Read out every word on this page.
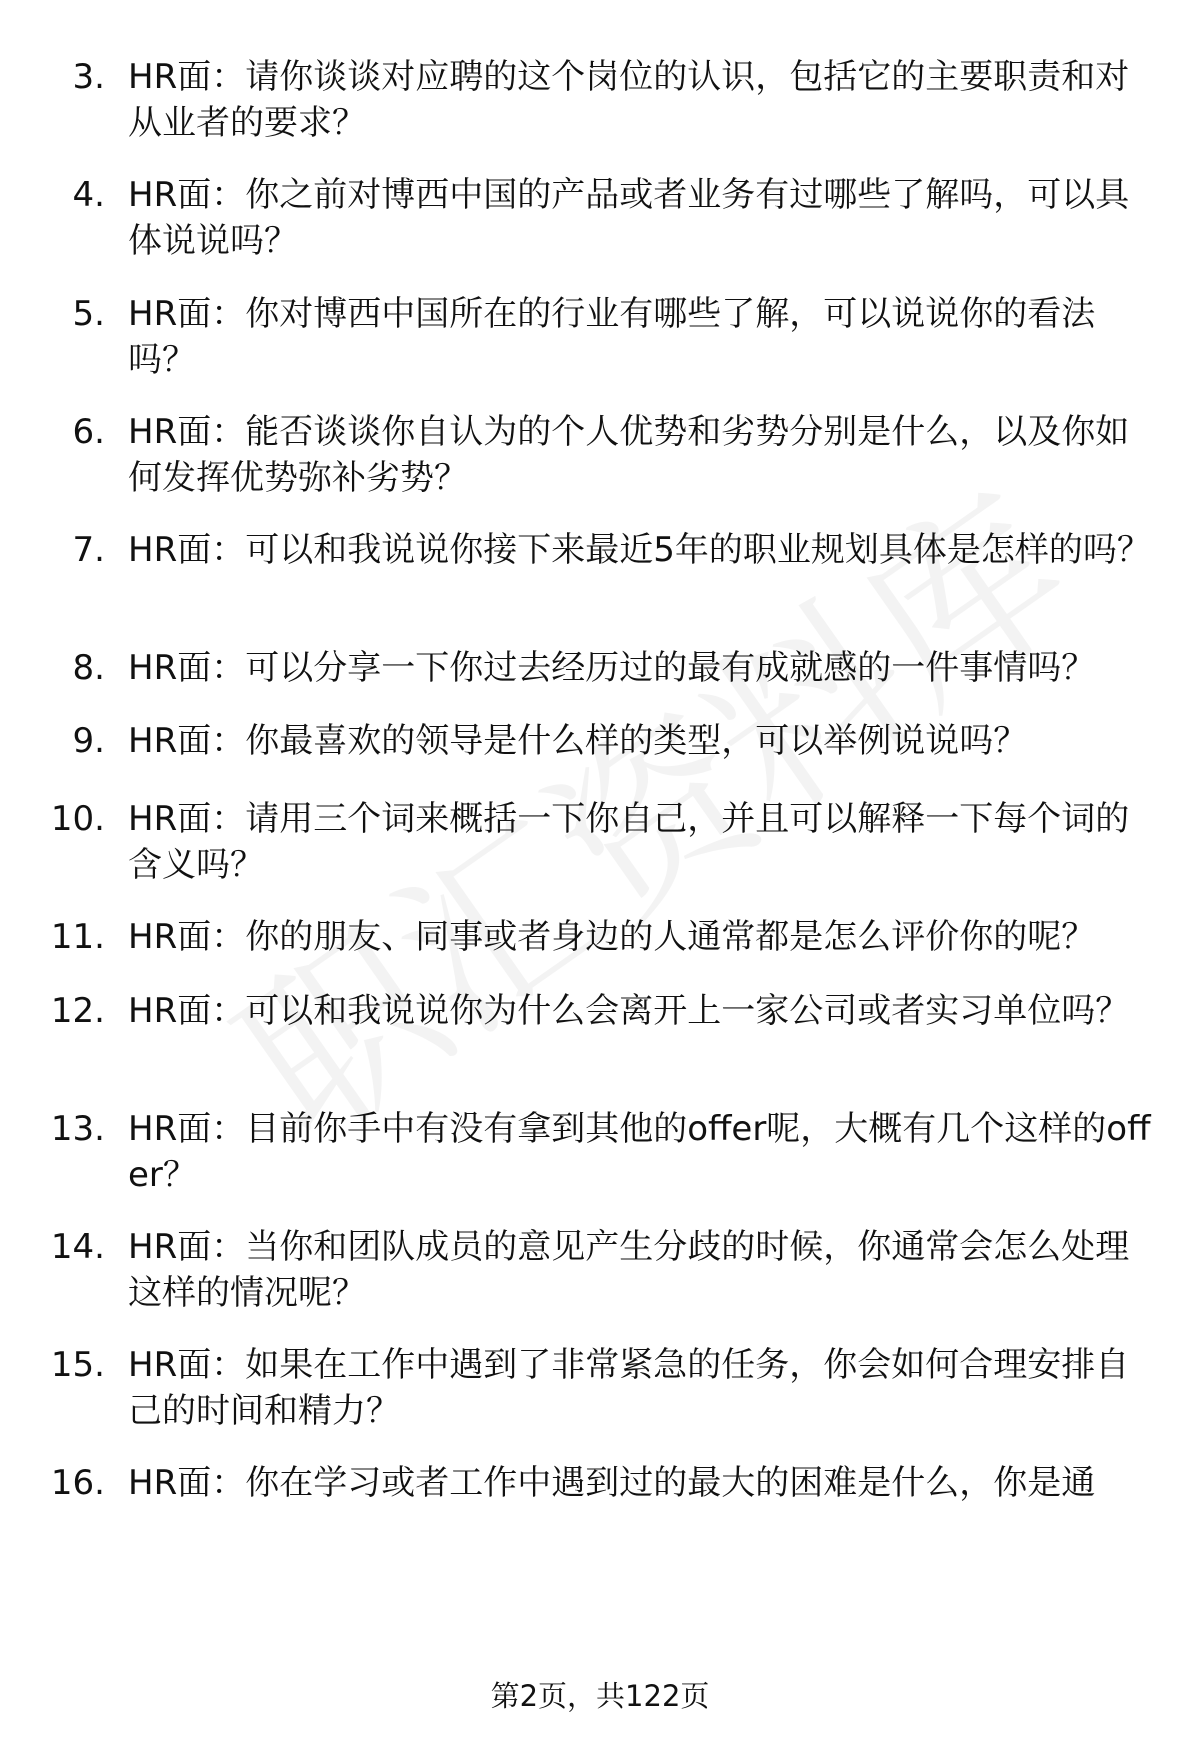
3. HR面：请你谈谈对应聘的这个岗位的认识，包括它的主要职责和对从业者的要求？
4. HR面：你之前对博西中国的产品或者业务有过哪些了解吗，可以具体说说吗？
5. HR面：你对博西中国所在的行业有哪些了解，可以说说你的看法吗？
6. HR面：能否谈谈你自认为的个人优势和劣势分别是什么，以及你如何发挥优势弥补劣势？
7. HR面：可以和我说说你接下来最近5年的职业规划具体是怎样的吗？
8. HR面：可以分享一下你过去经历过的最有成就感的一件事情吗？
9. HR面：你最喜欢的领导是什么样的类型，可以举例说说吗？
10. HR面：请用三个词来概括一下你自己，并且可以解释一下每个词的含义吗？
11. HR面：你的朋友、同事或者身边的人通常都是怎么评价你的呢？
12. HR面：可以和我说说你为什么会离开上一家公司或者实习单位吗？
13. HR面：目前你手中有没有拿到其他的offer呢，大概有几个这样的offer？
14. HR面：当你和团队成员的意见产生分歧的时候，你通常会怎么处理这样的情况呢？
15. HR面：如果在工作中遇到了非常紧急的任务，你会如何合理安排自己的时间和精力？
16. HR面：你在学习或者工作中遇到过的最大的困难是什么，你是通
第2页，共122页
